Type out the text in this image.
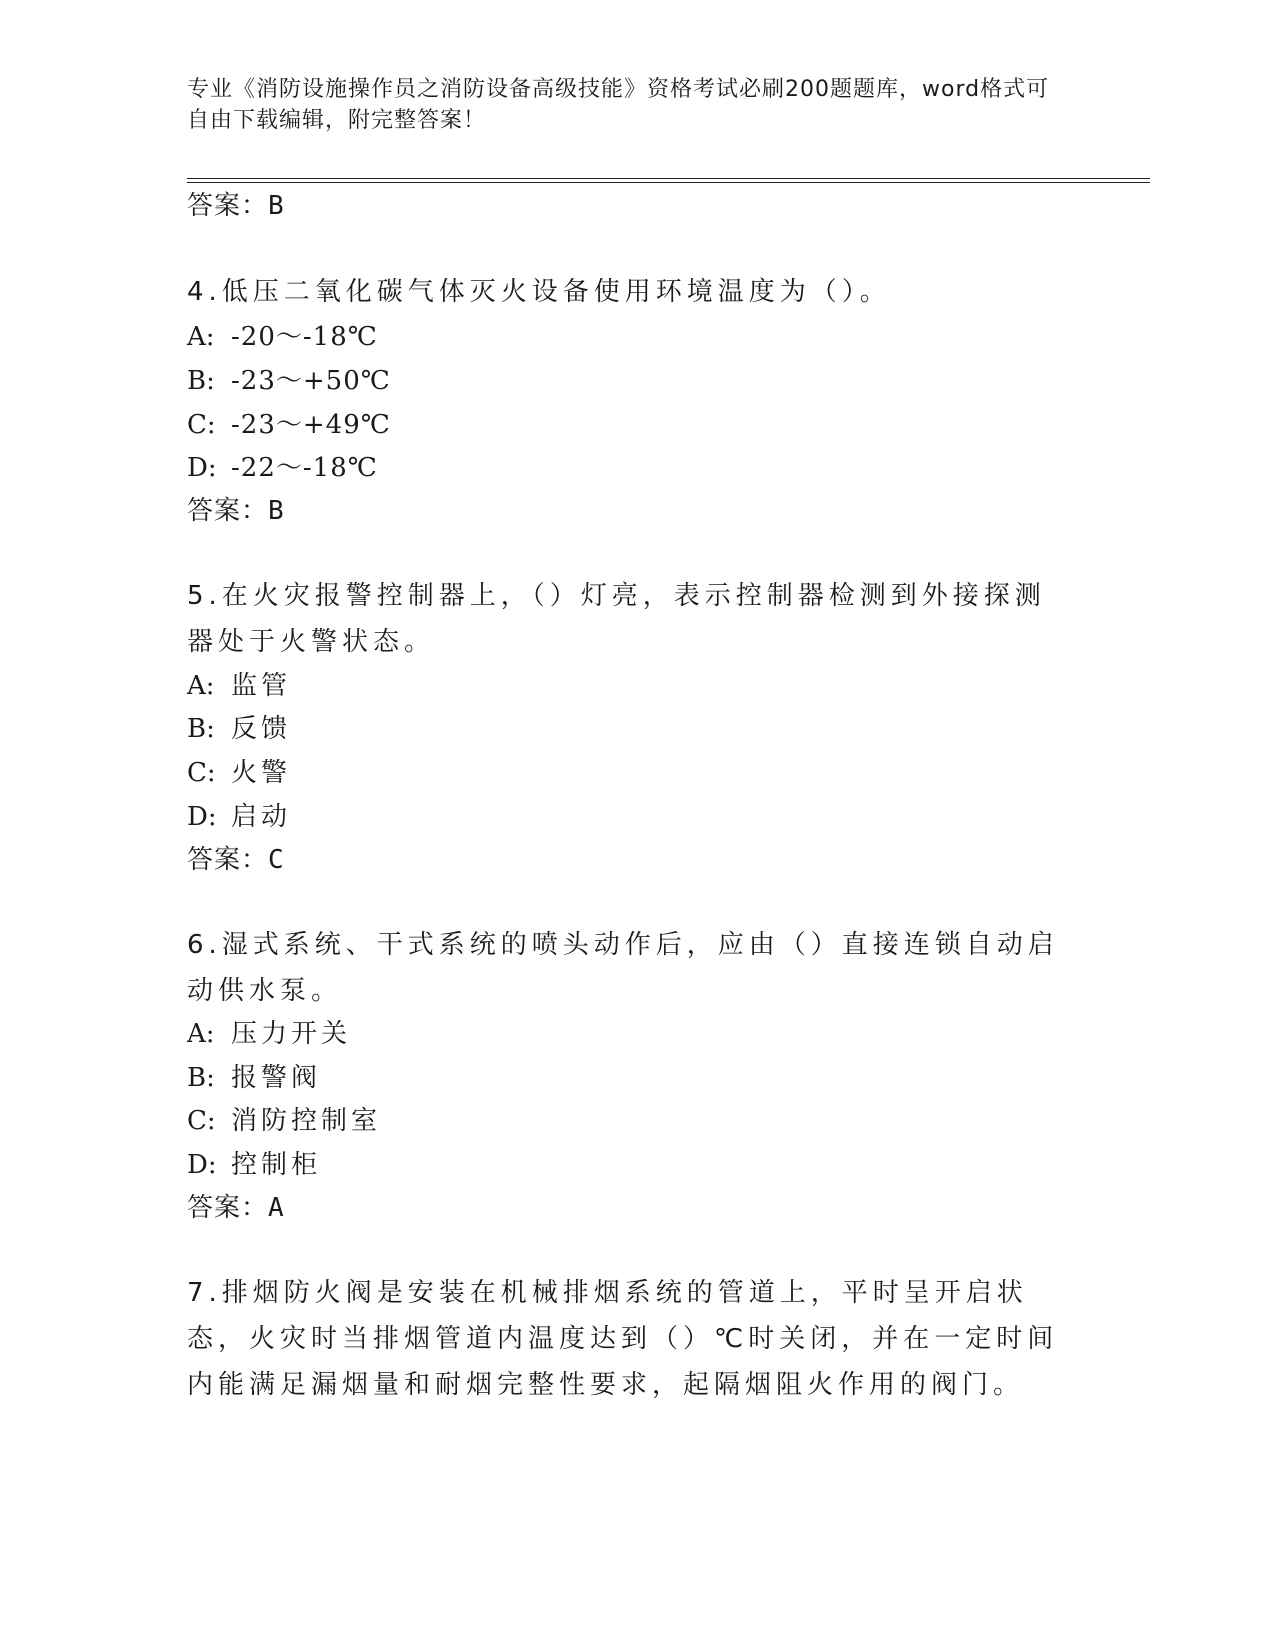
专业《消防设施操作员之消防设备高级技能》资格考试必刷200题题库，word格式可自由下载编辑，附完整答案！
答案：B
4.低压二氧化碳气体灭火设备使用环境温度为（）。
A: -20～-18℃
B: -23～+50℃
C: -23～+49℃
D: -22～-18℃
答案：B
5.在火灾报警控制器上，（）灯亮，表示控制器检测到外接探测器处于火警状态。
A: 监管
B: 反馈
C: 火警
D: 启动
答案：C
6.湿式系统、干式系统的喷头动作后，应由（）直接连锁自动启动供水泵。
A: 压力开关
B: 报警阀
C: 消防控制室
D: 控制柜
答案：A
7.排烟防火阀是安装在机械排烟系统的管道上，平时呈开启状态，火灾时当排烟管道内温度达到（）℃时关闭，并在一定时间内能满足漏烟量和耐烟完整性要求，起隔烟阻火作用的阀门。
